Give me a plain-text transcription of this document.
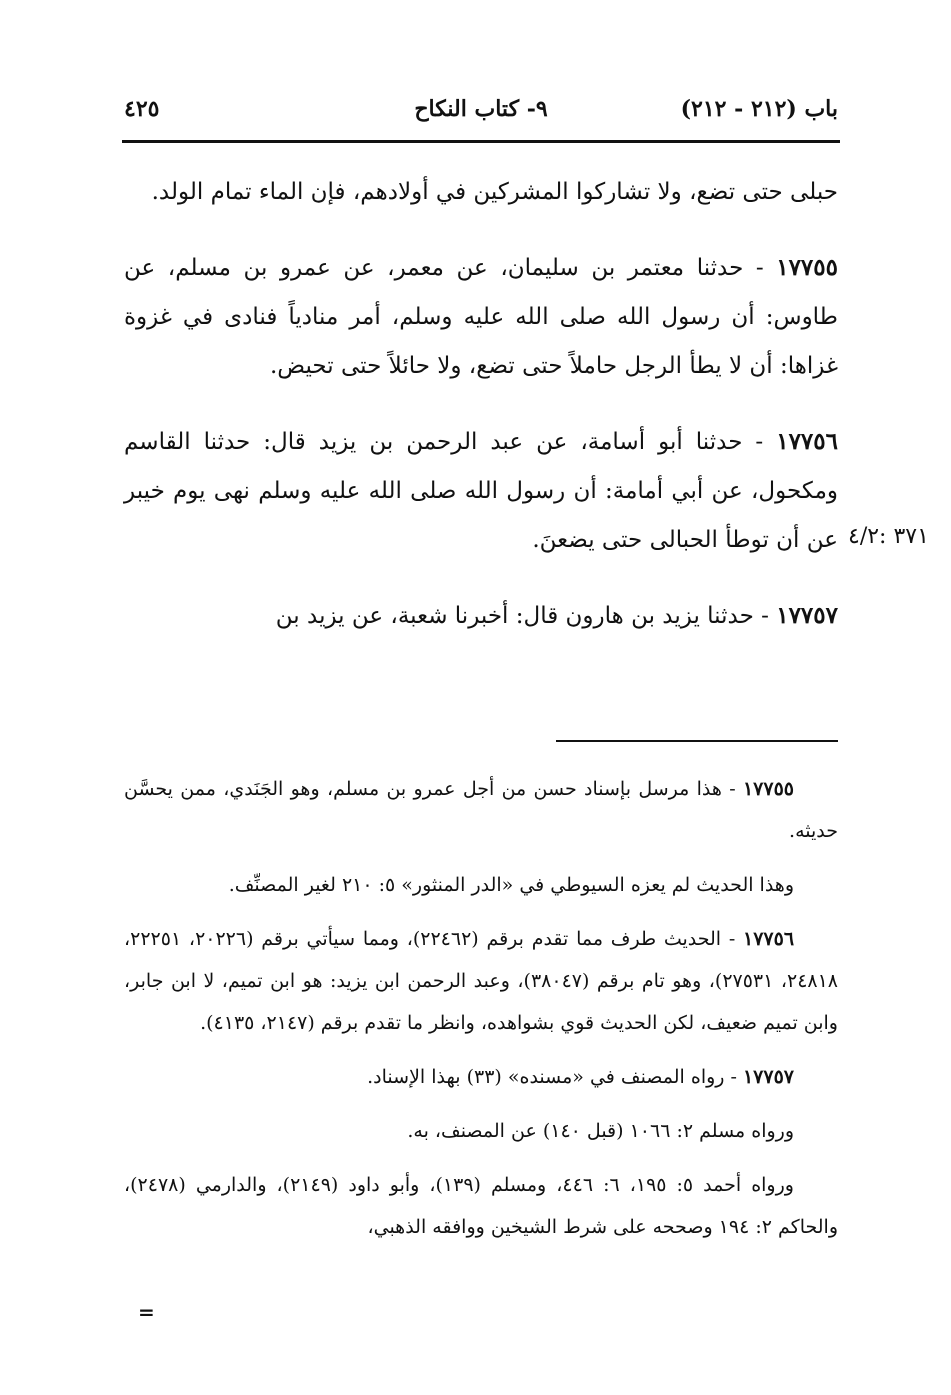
باب (٢١٢ - ٢١٢)
٩- كتاب النكاح
٤٢٥

حبلى حتى تضع، ولا تشاركوا المشركين في أولادهم، فإن الماء تمام الولد.

١٧٧٥٥ - حدثنا معتمر بن سليمان، عن معمر، عن عمرو بن مسلم، عن طاوس: أن رسول الله صلى الله عليه وسلم، أمر منادياً فنادى في غزوة غزاها: أن لا يطأ الرجل حاملاً حتى تضع، ولا حائلاً حتى تحيض.

١٧٧٥٦ - حدثنا أبو أسامة، عن عبد الرحمن بن يزيد قال: حدثنا القاسم ومكحول، عن أبي أمامة: أن رسول الله صلى الله عليه وسلم نهى يوم خيبر عن أن توطأ الحبالى حتى يضعنَ.

١٧٧٥٧ - حدثنا يزيد بن هارون قال: أخبرنا شعبة، عن يزيد بن

٣٧١ :٤/٢

١٧٧٥٥ - هذا مرسل بإسناد حسن من أجل عمرو بن مسلم، وهو الجَنَدي، ممن يحسَّن حديثه.

وهذا الحديث لم يعزه السيوطي في «الدر المنثور» ٥: ٢١٠ لغير المصنِّف.

١٧٧٥٦ - الحديث طرف مما تقدم برقم (٢٢٤٦٢)، ومما سيأتي برقم (٢٠٢٢٦، ٢٢٢٥١، ٢٤٨١٨، ٢٧٥٣١)، وهو تام برقم (٣٨٠٤٧)، وعبد الرحمن ابن يزيد: هو ابن تميم، لا ابن جابر، وابن تميم ضعيف، لكن الحديث قوي بشواهده، وانظر ما تقدم برقم (٢١٤٧، ٤١٣٥).

١٧٧٥٧ - رواه المصنف في «مسنده» (٣٣) بهذا الإسناد.

ورواه مسلم ٢: ١٠٦٦ (قبل ١٤٠) عن المصنف، به.

ورواه أحمد ٥: ١٩٥، ٦: ٤٤٦، ومسلم (١٣٩)، وأبو داود (٢١٤٩)، والدارمي (٢٤٧٨)، والحاكم ٢: ١٩٤ وصححه على شرط الشيخين ووافقه الذهبي،

=
